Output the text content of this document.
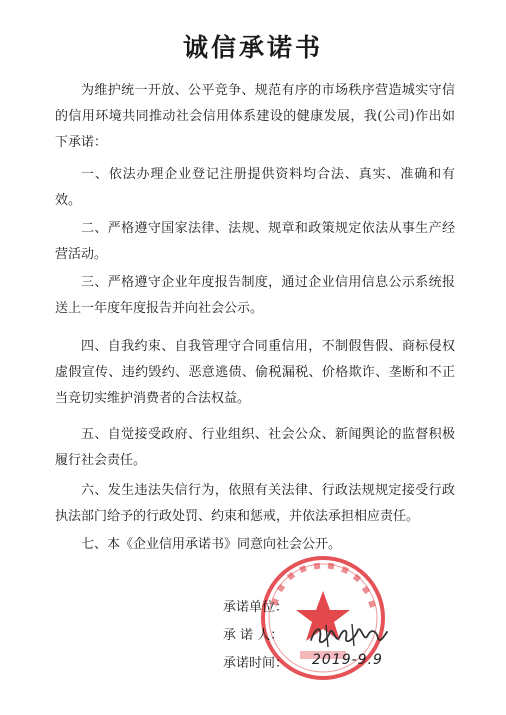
诚信承诺书

为维护统一开放、公平竞争、规范有序的市场秩序营造城实守信的信用环境共同推动社会信用体系建设的健康发展，我(公司)作出如下承诺：

一、依法办理企业登记注册提供资料均合法、真实、准确和有效。

二、严格遵守国家法律、法规、规章和政策规定依法从事生产经营活动。

三、严格遵守企业年度报告制度，通过企业信用信息公示系统报送上一年度年度报告并向社会公示。

四、自我约束、自我管理守合同重信用，不制假售假、商标侵权虚假宣传、违约毁约、恶意逃债、偷税漏税、价格欺诈、垄断和不正当竞切实维护消费者的合法权益。

五、自觉接受政府、行业组织、社会公众、新闻舆论的监督积极履行社会责任。

六、发生违法失信行为，依照有关法律、行政法规规定接受行政执法部门给予的行政处罚、约束和惩戒，并依法承担相应责任。

七、本《企业信用承诺书》同意向社会公开。

承诺单位：
承 诺 人：
承诺时间：	2019-9.9
